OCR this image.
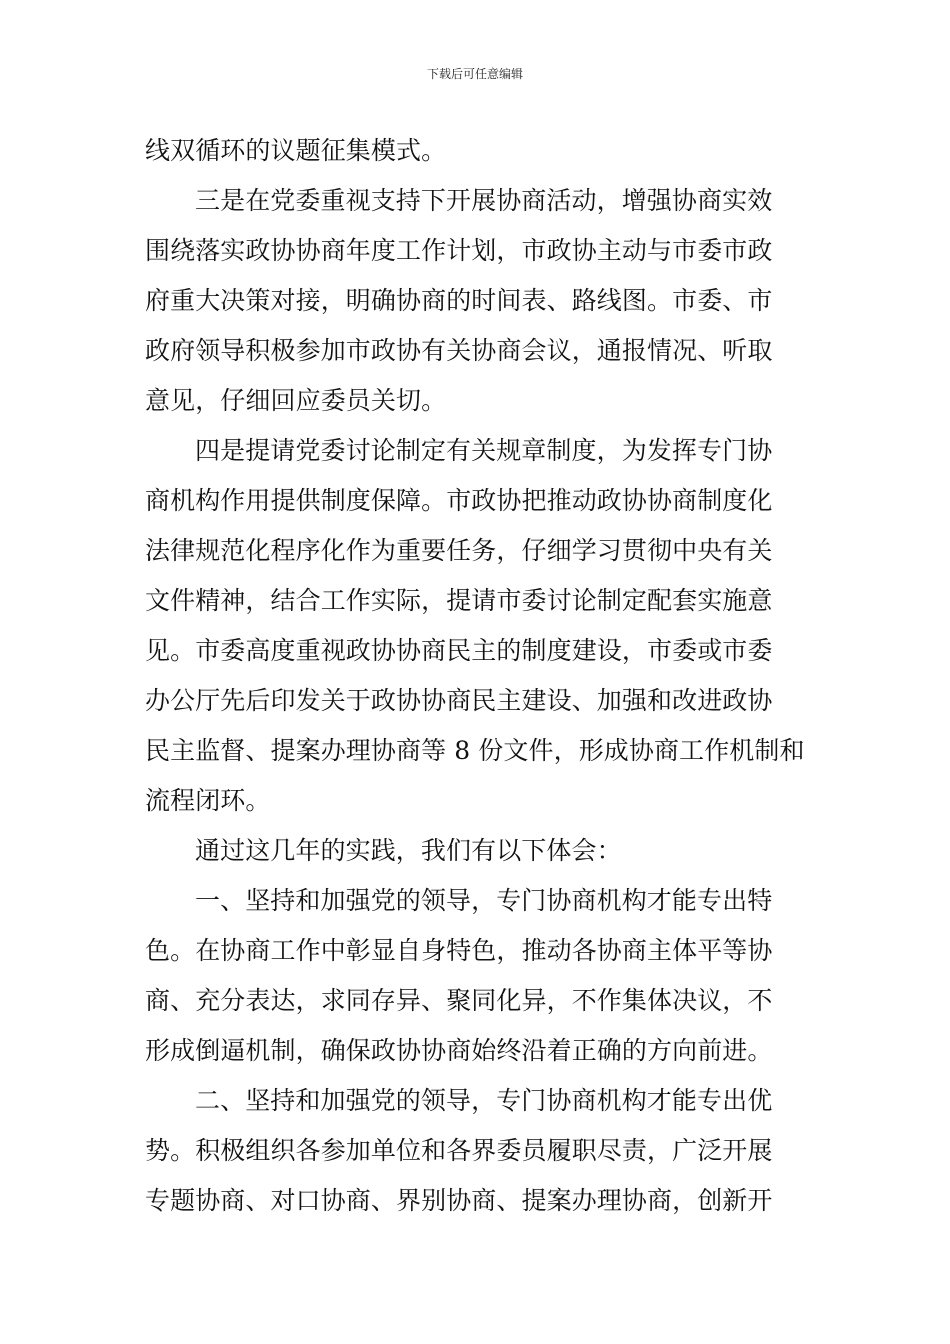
下载后可任意编辑
线双循环的议题征集模式。
三是在党委重视支持下开展协商活动，增强协商实效
围绕落实政协协商年度工作计划，市政协主动与市委市政
府重大决策对接，明确协商的时间表、路线图。市委、市
政府领导积极参加市政协有关协商会议，通报情况、听取
意见，仔细回应委员关切。
四是提请党委讨论制定有关规章制度，为发挥专门协
商机构作用提供制度保障。市政协把推动政协协商制度化
法律规范化程序化作为重要任务，仔细学习贯彻中央有关
文件精神，结合工作实际，提请市委讨论制定配套实施意
见。市委高度重视政协协商民主的制度建设，市委或市委
办公厅先后印发关于政协协商民主建设、加强和改进政协
民主监督、提案办理协商等 8 份文件，形成协商工作机制和
流程闭环。
通过这几年的实践，我们有以下体会：
一、坚持和加强党的领导，专门协商机构才能专出特
色。在协商工作中彰显自身特色，推动各协商主体平等协
商、充分表达，求同存异、聚同化异，不作集体决议，不
形成倒逼机制，确保政协协商始终沿着正确的方向前进。
二、坚持和加强党的领导，专门协商机构才能专出优
势。积极组织各参加单位和各界委员履职尽责，广泛开展
专题协商、对口协商、界别协商、提案办理协商，创新开
